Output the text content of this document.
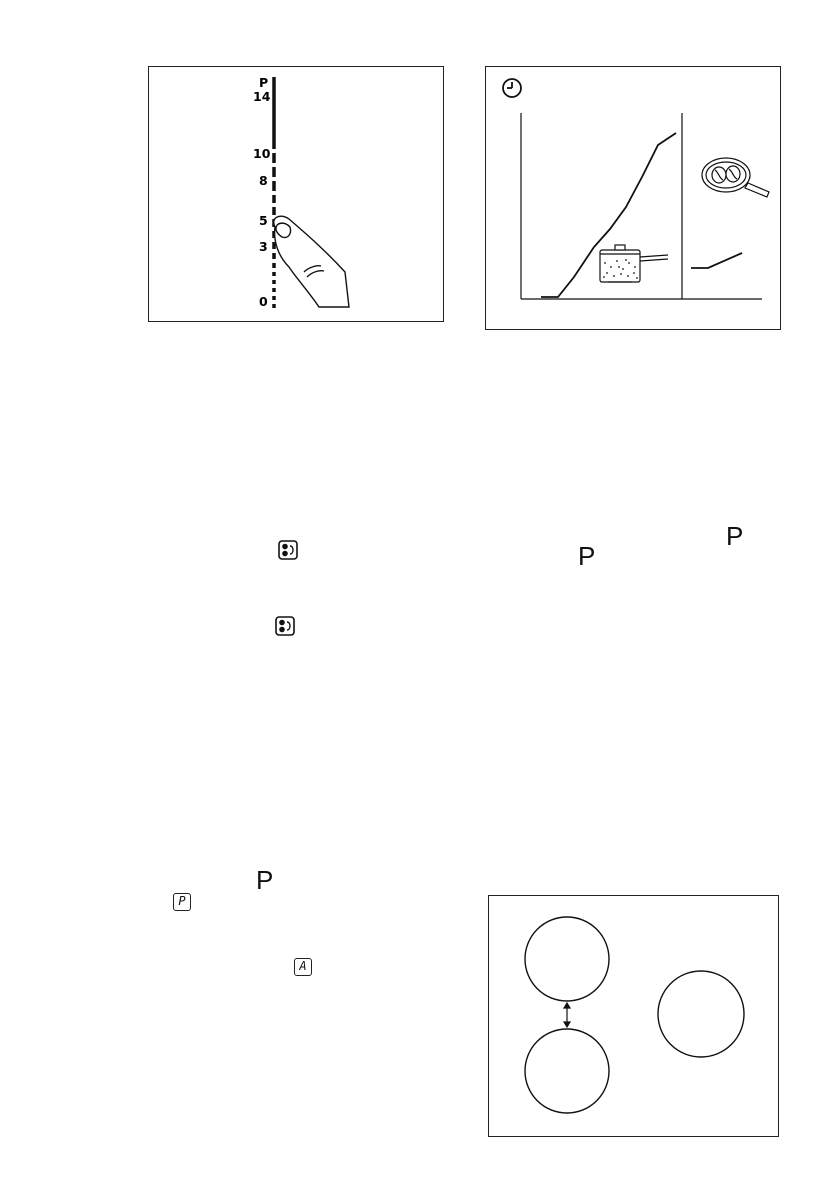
P
14
10
8
5
3
0
P
P
P
P
A
